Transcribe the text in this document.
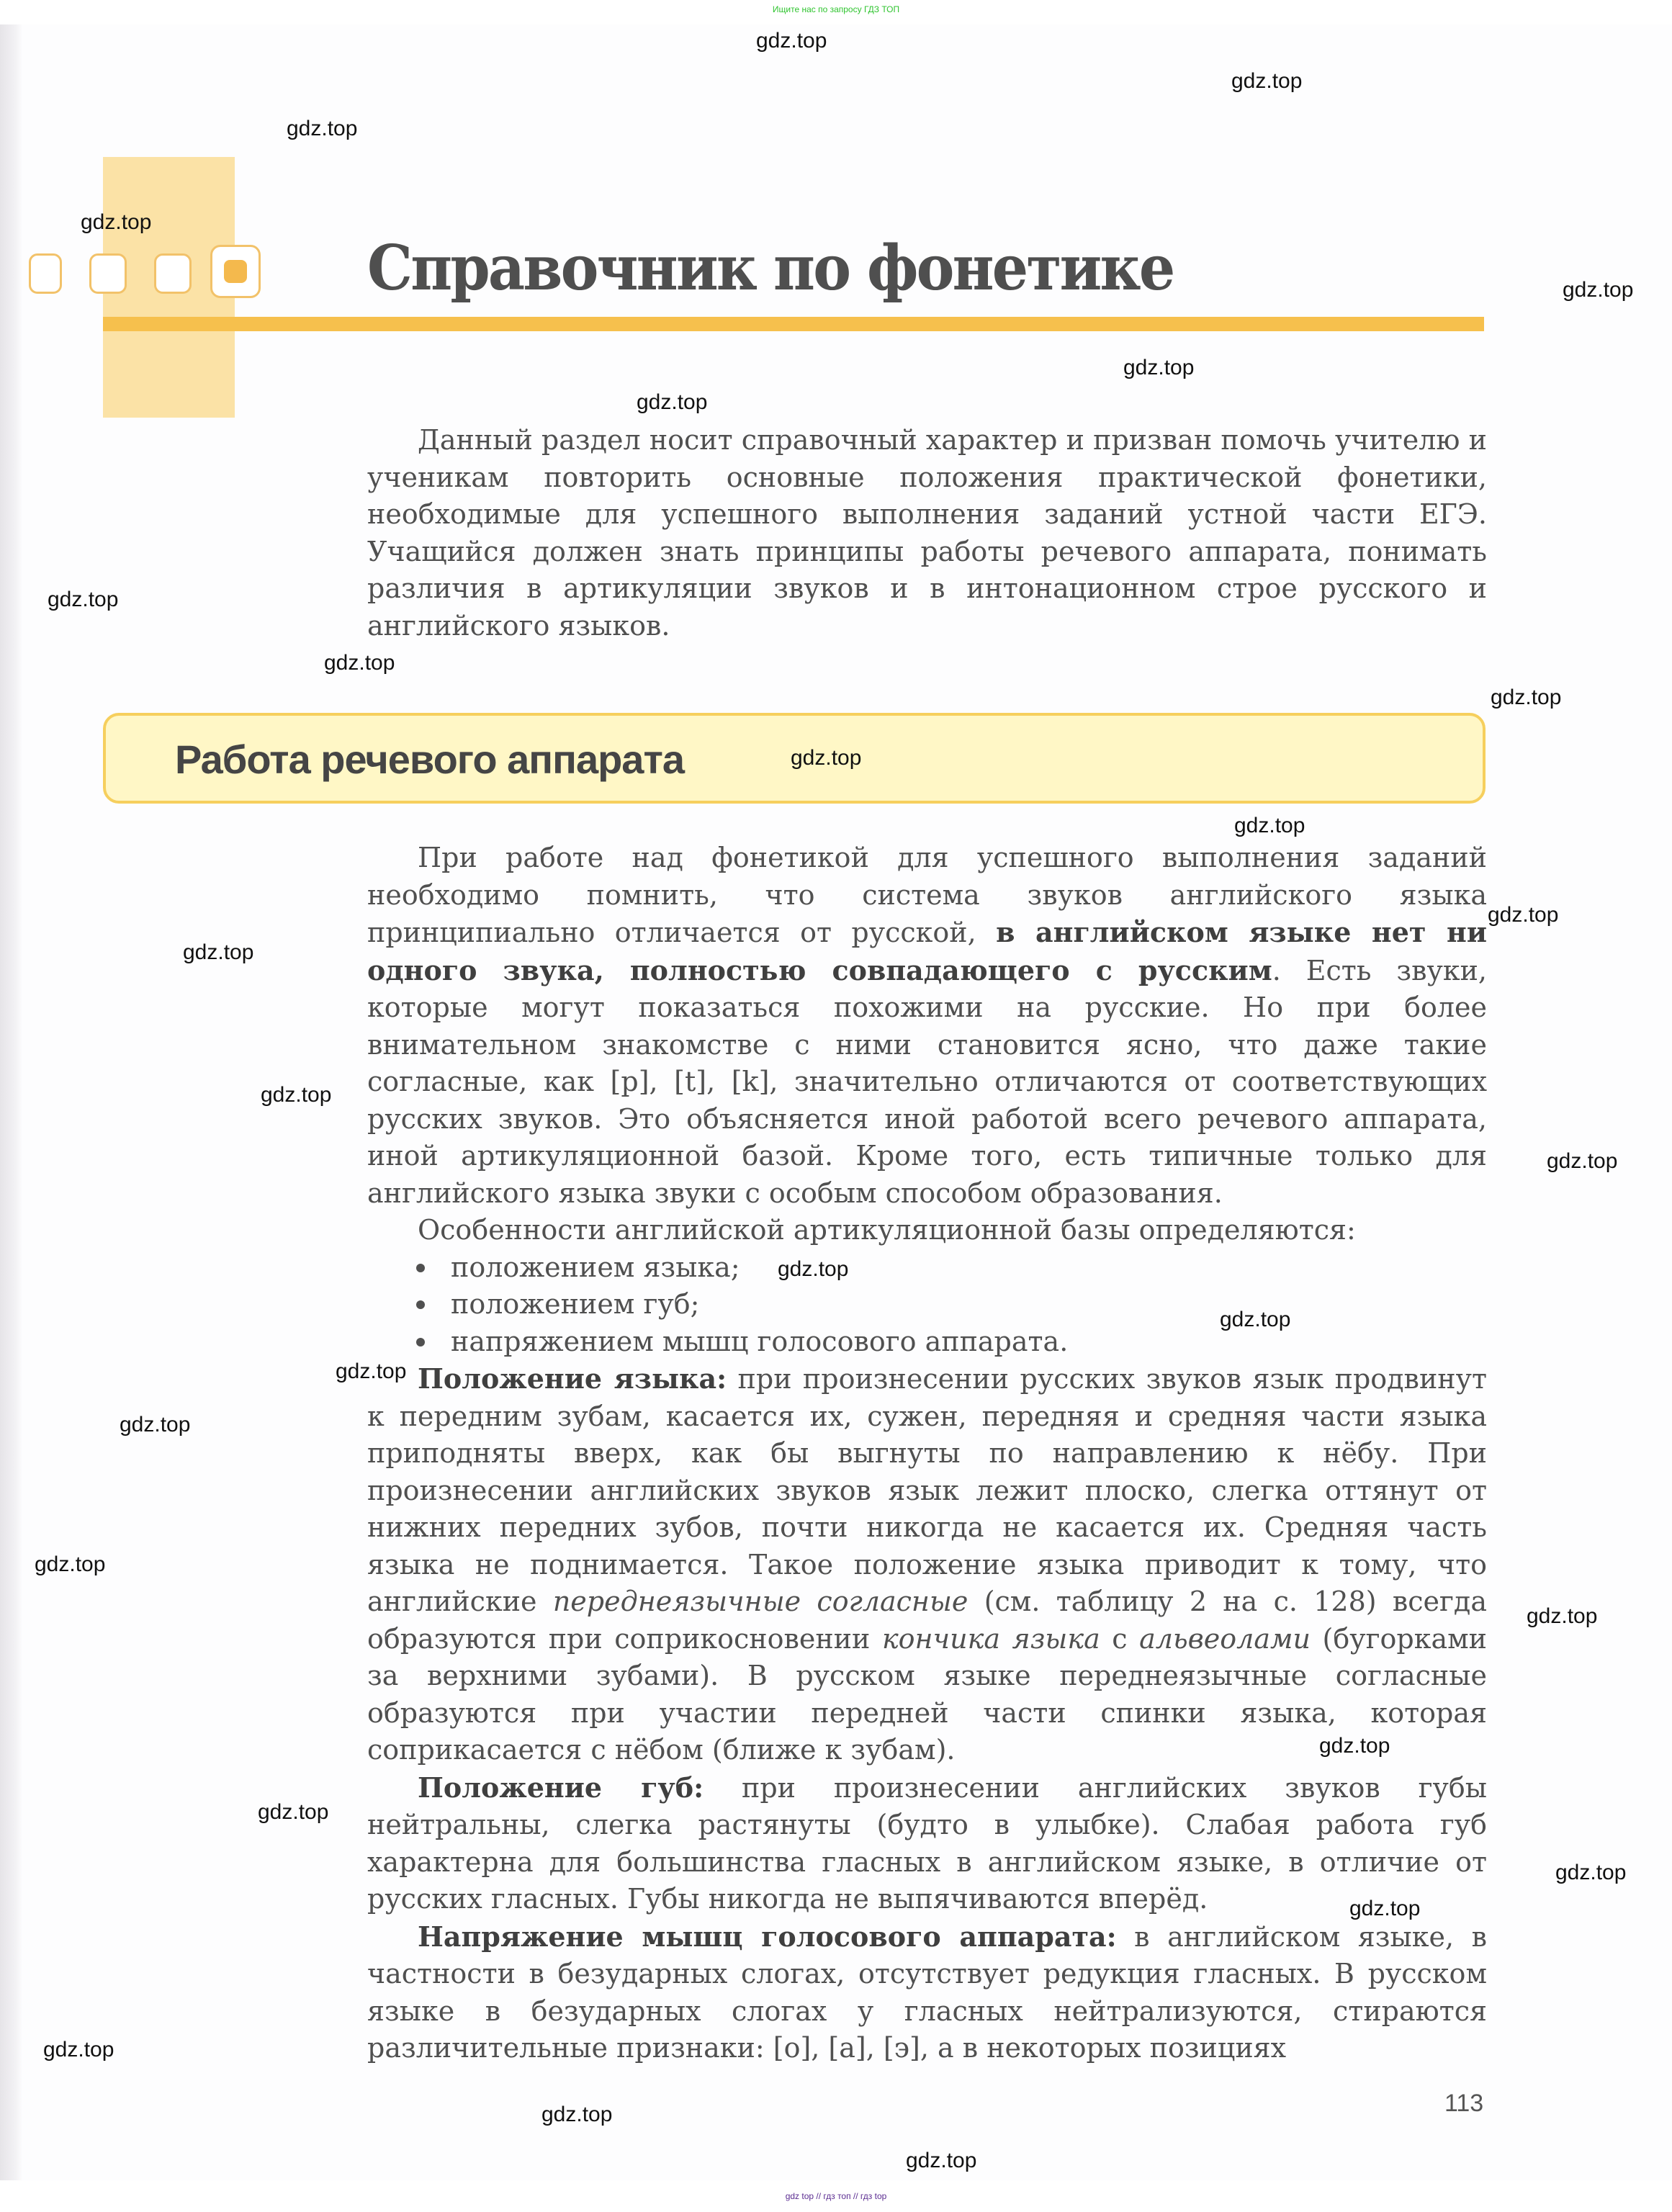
Ищите нас по запросу ГДЗ ТОП
Справочник по фонетике

Данный раздел носит справочный характер и призван помочь учителю и ученикам повторить основные положения практической фонетики, необходимые для успешного выполнения заданий устной части ЕГЭ. Учащийся должен знать принципы работы речевого аппарата, понимать различия в артикуляции звуков и в интонационном строе русского и английского языков.

Работа речевого аппарата

При работе над фонетикой для успешного выполнения заданий необходимо помнить, что система звуков английского языка принципиально отличается от русской, в английском языке нет ни одного звука, полностью совпадающего с русским. Есть звуки, которые могут показаться похожими на русские. Но при более внимательном знакомстве с ними становится ясно, что даже такие согласные, как [p], [t], [k], значительно отличаются от соответствующих русских звуков. Это объясняется иной работой всего речевого аппарата, иной артикуляционной базой. Кроме того, есть типичные только для английского языка звуки с особым способом образования.

Особенности английской артикуляционной базы определяются:

положением языка;
положением губ;
напряжением мышц голосового аппарата.

Положение языка: при произнесении русских звуков язык продвинут к передним зубам, касается их, сужен, передняя и средняя части языка приподняты вверх, как бы выгнуты по направлению к нёбу. При произнесении английских звуков язык лежит плоско, слегка оттянут от нижних передних зубов, почти никогда не касается их. Средняя часть языка не поднимается. Такое положение языка приводит к тому, что английские переднеязычные согласные (см. таблицу 2 на с. 128) всегда образуются при соприкосновении кончика языка с альвеолами (бугорками за верхними зубами). В русском языке переднеязычные согласные образуются при участии передней части спинки языка, которая соприкасается с нёбом (ближе к зубам).

Положение губ: при произнесении английских звуков губы нейтральны, слегка растянуты (будто в улыбке). Слабая работа губ характерна для большинства гласных в английском языке, в отличие от русских гласных. Губы никогда не выпячиваются вперёд.

Напряжение мышц голосового аппарата: в английском языке, в частности в безударных слогах, отсутствует редукция гласных. В русском языке в безударных слогах у гласных нейтрализуются, стираются различительные признаки: [о], [а], [э], а в некоторых позициях

113
gdz.top
gdz.top
gdz.top
gdz.top
gdz.top
gdz.top
gdz.top
gdz.top
gdz.top
gdz.top
gdz.top
gdz.top
gdz.top
gdz.top
gdz.top
gdz.top
gdz.top
gdz.top
gdz.top
gdz.top
gdz.top
gdz.top
gdz.top
gdz.top
gdz.top
gdz.top
gdz.top
gdz.top
gdz.top
gdz top // гдз топ // гдз top
